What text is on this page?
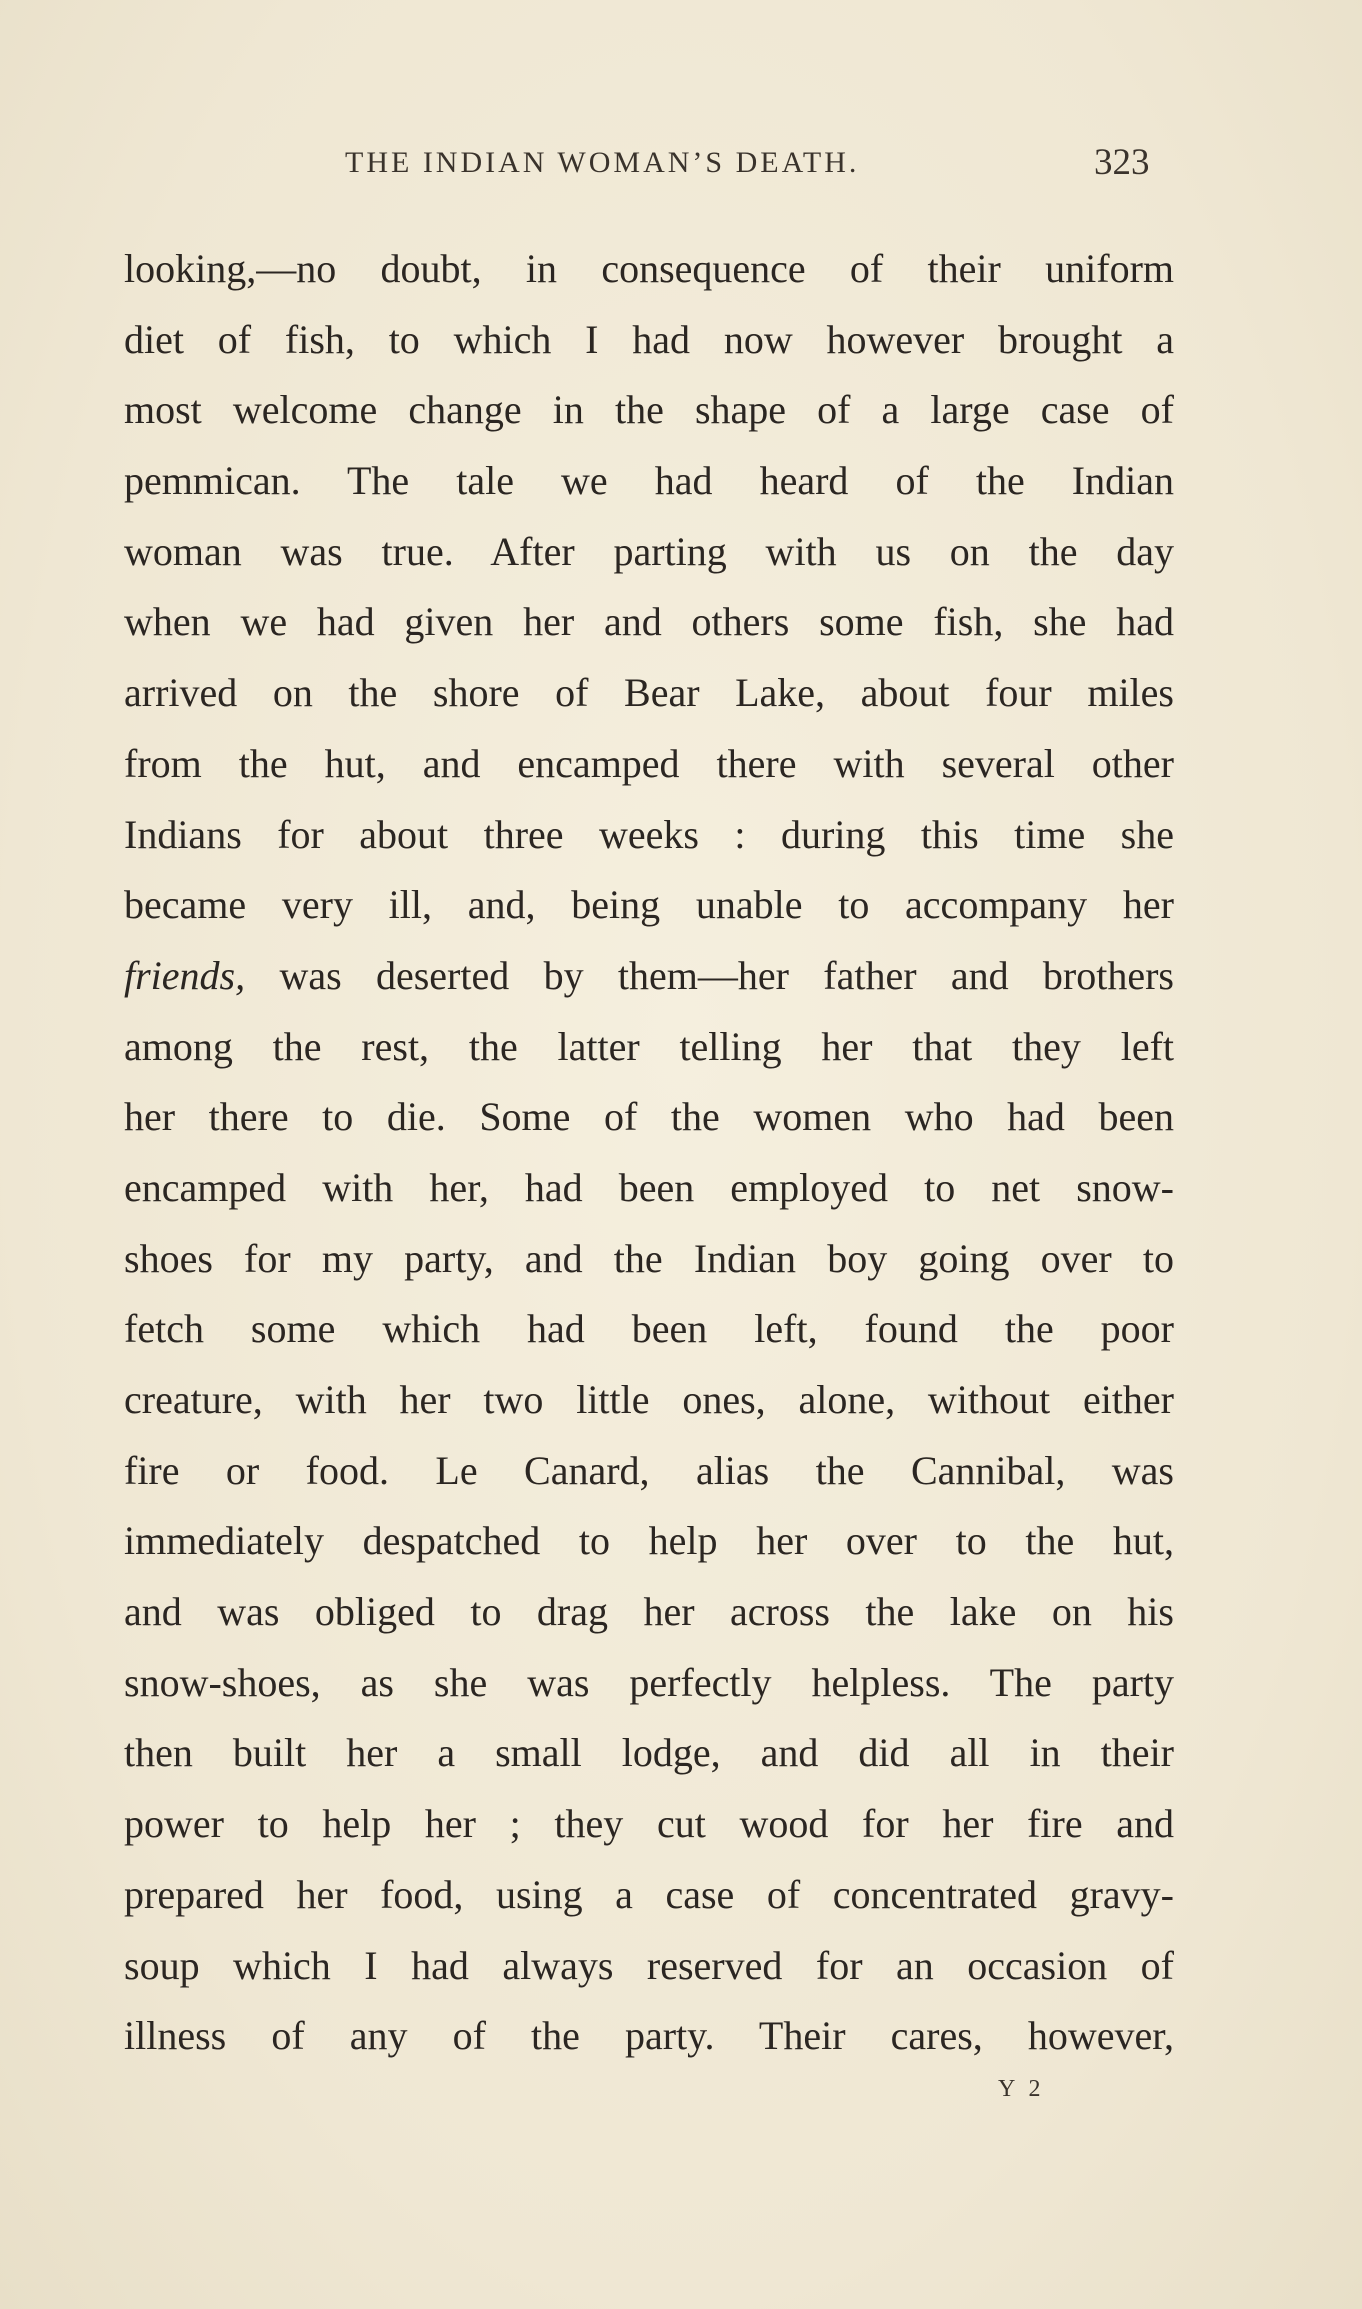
THE INDIAN WOMAN’S DEATH.	323
looking,—no doubt, in consequence of their uniform
diet of fish, to which I had now however brought a
most welcome change in the shape of a large case of
pemmican. The tale we had heard of the Indian
woman was true. After parting with us on the day
when we had given her and others some fish, she had
arrived on the shore of Bear Lake, about four miles
from the hut, and encamped there with several other
Indians for about three weeks : during this time she
became very ill, and, being unable to accompany her
friends, was deserted by them—her father and brothers
among the rest, the latter telling her that they left
her there to die. Some of the women who had been
encamped with her, had been employed to net snow-
shoes for my party, and the Indian boy going over to
fetch some which had been left, found the poor
creature, with her two little ones, alone, without either
fire or food. Le Canard, alias the Cannibal, was
immediately despatched to help her over to the hut,
and was obliged to drag her across the lake on his
snow-shoes, as she was perfectly helpless. The party
then built her a small lodge, and did all in their
power to help her ; they cut wood for her fire and
prepared her food, using a case of concentrated gravy-
soup which I had always reserved for an occasion of
illness of any of the party. Their cares, however,
Y 2
